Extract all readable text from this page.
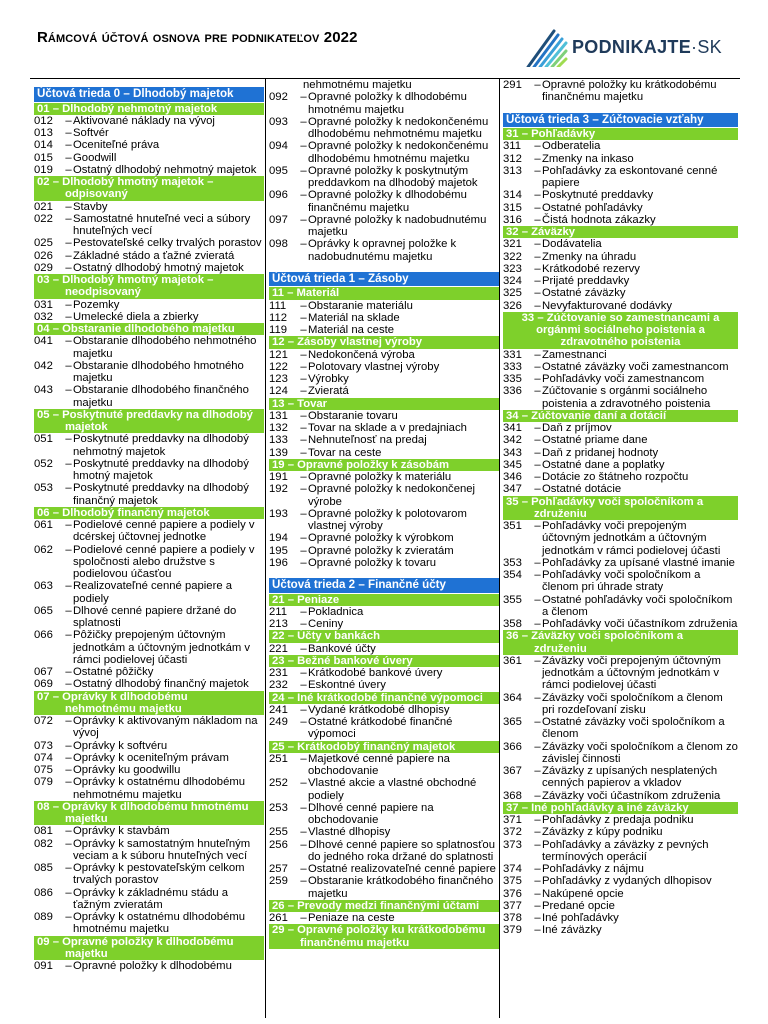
Rámcová účtová osnova pre podnikateľov 2022	PODNIKAJTE·SK
Účtová trieda 0 – Dlhodobý majetok
01 – Dlhodobý nehmotný majetok
012	– Aktivované náklady na vývoj
013	– Softvér
014	– Oceniteľné práva
015	– Goodwill
019	– Ostatný dlhodobý nehmotný majetok
02 – Dlhodobý hmotný majetok –
odpisovaný
021	– Stavby
022	– Samostatné hnuteľné veci a súbory hnuteľných vecí
025	– Pestovateľské celky trvalých porastov
026	– Základné stádo a ťažné zvieratá
029	– Ostatný dlhodobý hmotný majetok
03 – Dlhodobý hmotný majetok –
neodpisovaný
031	– Pozemky
032	– Umelecké diela a zbierky
04 – Obstaranie dlhodobého majetku
041	– Obstaranie dlhodobého nehmotného majetku
042	– Obstaranie dlhodobého hmotného majetku
043	– Obstaranie dlhodobého finančného majetku
05 – Poskytnuté preddavky na dlhodobý
majetok
051	– Poskytnuté preddavky na dlhodobý nehmotný majetok
052	– Poskytnuté preddavky na dlhodobý hmotný majetok
053	– Poskytnuté preddavky na dlhodobý finančný majetok
06 – Dlhodobý finančný majetok
061	– Podielové cenné papiere a podiely v dcérskej účtovnej jednotke
062	– Podielové cenné papiere a podiely v spoločnosti alebo družstve s podielovou účasťou
063	– Realizovateľné cenné papiere a podiely
065	– Dlhové cenné papiere držané do splatnosti
066	– Pôžičky prepojeným účtovným jednotkám a účtovným jednotkám v rámci podielovej účasti
067	– Ostatné pôžičky
069	– Ostatný dlhodobý finančný majetok
07 – Oprávky k dlhodobému
nehmotnému majetku
072	– Oprávky k aktivovaným nákladom na vývoj
073	– Oprávky k softvéru
074	– Oprávky k oceniteľným právam
075	– Oprávky ku goodwillu
079	– Oprávky k ostatnému dlhodobému nehmotnému majetku
08 – Oprávky k dlhodobému hmotnému
majetku
081	– Oprávky k stavbám
082	– Oprávky k samostatným hnuteľným veciam a k súboru hnuteľných vecí
085	– Oprávky k pestovateľským celkom trvalých porastov
086	– Oprávky k základnému stádu a ťažným zvieratám
089	– Oprávky k ostatnému dlhodobému hmotnému majetku
09 – Opravné položky k dlhodobému
majetku
091	– Opravné položky k dlhodobému
nehmotnému majetku
092	– Opravné položky k dlhodobému hmotnému majetku
093	– Opravné položky k nedokončenému dlhodobému nehmotnému majetku
094	– Opravné položky k nedokončenému dlhodobému hmotnému majetku
095	– Opravné položky k poskytnutým preddavkom na dlhodobý majetok
096	– Opravné položky k dlhodobému finančnému majetku
097	– Opravné položky k nadobudnutému majetku
098	– Oprávky k opravnej položke k nadobudnutému majetku
Účtová trieda 1 – Zásoby
11 – Materiál
111	– Obstaranie materiálu
112	– Materiál na sklade
119	– Materiál na ceste
12 – Zásoby vlastnej výroby
121	– Nedokončená výroba
122	– Polotovary vlastnej výroby
123	– Výrobky
124	– Zvieratá
13 – Tovar
131	– Obstaranie tovaru
132	– Tovar na sklade a v predajniach
133	– Nehnuteľnosť na predaj
139	– Tovar na ceste
19 – Opravné položky k zásobám
191	– Opravné položky k materiálu
192	– Opravné položky k nedokončenej výrobe
193	– Opravné položky k polotovarom vlastnej výroby
194	– Opravné položky k výrobkom
195	– Opravné položky k zvieratám
196	– Opravné položky k tovaru
Účtová trieda 2 – Finančné účty
21 – Peniaze
211	– Pokladnica
213	– Ceniny
22 – Účty v bankách
221	– Bankové účty
23 – Bežné bankové úvery
231	– Krátkodobé bankové úvery
232	– Eskontné úvery
24 – Iné krátkodobé finančné výpomoci
241	– Vydané krátkodobé dlhopisy
249	– Ostatné krátkodobé finančné výpomoci
25 – Krátkodobý finančný majetok
251	– Majetkové cenné papiere na obchodovanie
252	– Vlastné akcie a vlastné obchodné podiely
253	– Dlhové cenné papiere na obchodovanie
255	– Vlastné dlhopisy
256	– Dlhové cenné papiere so splatnosťou do jedného roka držané do splatnosti
257	– Ostatné realizovateľné cenné papiere
259	– Obstaranie krátkodobého finančného majetku
26 – Prevody medzi finančnými účtami
261	– Peniaze na ceste
29 – Opravné položky ku krátkodobému
finančnému majetku
291	– Opravné položky ku krátkodobému finančnému majetku
Účtová trieda 3 – Zúčtovacie vzťahy
31 – Pohľadávky
311	– Odberatelia
312	– Zmenky na inkaso
313	– Pohľadávky za eskontované cenné papiere
314	– Poskytnuté preddavky
315	– Ostatné pohľadávky
316	– Čistá hodnota zákazky
32 – Záväzky
321	– Dodávatelia
322	– Zmenky na úhradu
323	– Krátkodobé rezervy
324	– Prijaté preddavky
325	– Ostatné záväzky
326	– Nevyfakturované dodávky
33 – Zúčtovanie so zamestnancami a
orgánmi sociálneho poistenia a
zdravotného poistenia
331	– Zamestnanci
333	– Ostatné záväzky voči zamestnancom
335	– Pohľadávky voči zamestnancom
336	– Zúčtovanie s orgánmi sociálneho poistenia a zdravotného poistenia
34 – Zúčtovanie daní a dotácií
341	– Daň z príjmov
342	– Ostatné priame dane
343	– Daň z pridanej hodnoty
345	– Ostatné dane a poplatky
346	– Dotácie zo štátneho rozpočtu
347	– Ostatné dotácie
35 – Pohľadávky voči spoločníkom a
združeniu
351	– Pohľadávky voči prepojeným účtovným jednotkám a účtovným jednotkám v rámci podielovej účasti
353	– Pohľadávky za upísané vlastné imanie
354	– Pohľadávky voči spoločníkom a členom pri úhrade straty
355	– Ostatné pohľadávky voči spoločníkom a členom
358	– Pohľadávky voči účastníkom združenia
36 – Záväzky voči spoločníkom a
združeniu
361	– Záväzky voči prepojeným účtovným jednotkám a účtovným jednotkám v rámci podielovej účasti
364	– Záväzky voči spoločníkom a členom pri rozdeľovaní zisku
365	– Ostatné záväzky voči spoločníkom a členom
366	– Záväzky voči spoločníkom a členom zo závislej činnosti
367	– Záväzky z upísaných nesplatených cenných papierov a vkladov
368	– Záväzky voči účastníkom združenia
37 – Iné pohľadávky a iné záväzky
371	– Pohľadávky z predaja podniku
372	– Záväzky z kúpy podniku
373	– Pohľadávky a záväzky z pevných termínových operácií
374	– Pohľadávky z nájmu
375	– Pohľadávky z vydaných dlhopisov
376	– Nakúpené opcie
377	– Predané opcie
378	– Iné pohľadávky
379	– Iné záväzky
